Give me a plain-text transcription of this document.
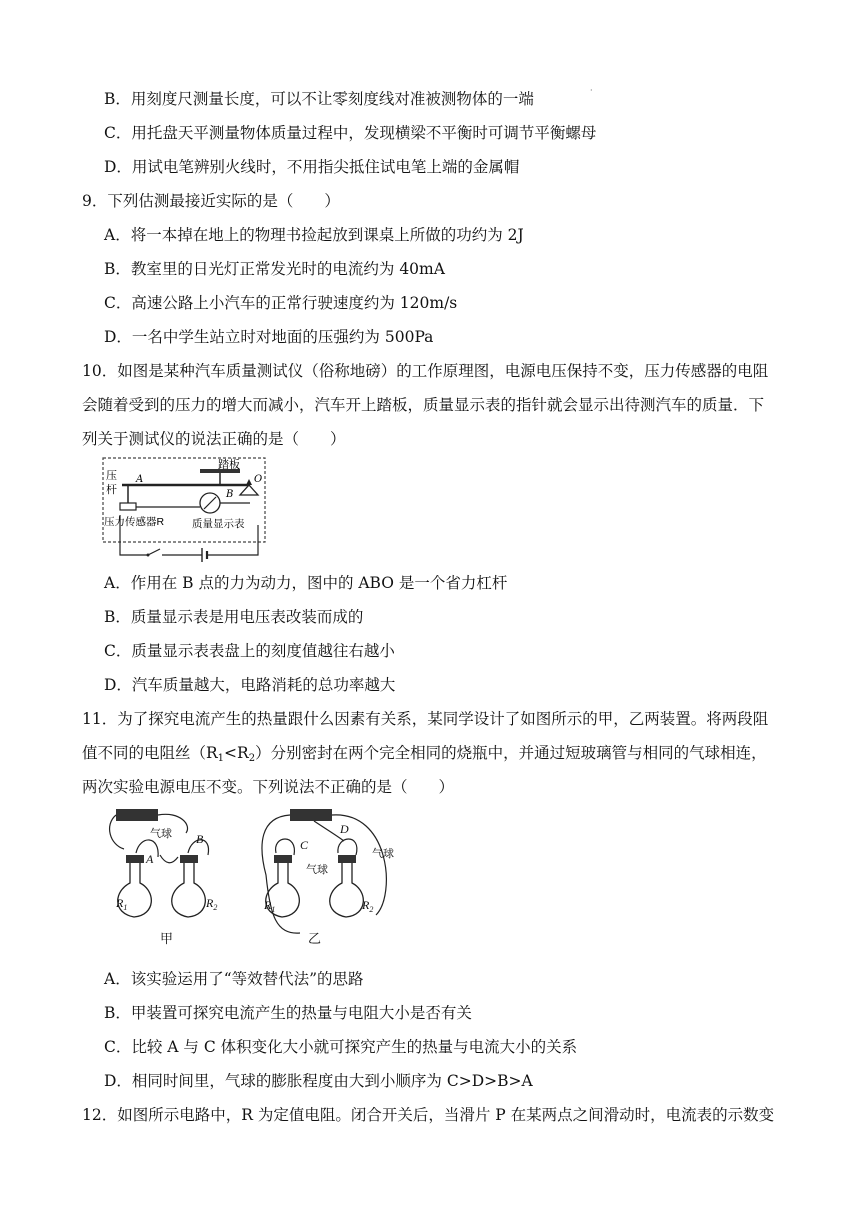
·
B．用刻度尺测量长度，可以不让零刻度线对准被测物体的一端
C．用托盘天平测量物体质量过程中，发现横梁不平衡时可调节平衡螺母
D．用试电笔辨别火线时，不用指尖抵住试电笔上端的金属帽
9．下列估测最接近实际的是（　　）
A．将一本掉在地上的物理书捡起放到课桌上所做的功约为 2J
B．教室里的日光灯正常发光时的电流约为 40mA
C．高速公路上小汽车的正常行驶速度约为 120m/s
D．一名中学生站立时对地面的压强约为 500Pa
10．如图是某种汽车质量测试仪（俗称地磅）的工作原理图，电源电压保持不变，压力传感器的电阻
会随着受到的压力的增大而减小，汽车开上踏板，质量显示表的指针就会显示出待测汽车的质量．下
列关于测试仪的说法正确的是（　　）
踏板
O
B
A
压
杆
压力传感器R	质量显示表
A．作用在 B 点的力为动力，图中的 ABO 是一个省力杠杆
B．质量显示表是用电压表改装而成的
C．质量显示表表盘上的刻度值越往右越小
D．汽车质量越大，电路消耗的总功率越大
11．为了探究电流产生的热量跟什么因素有关系，某同学设计了如图所示的甲，乙两装置。将两段阻
值不同的电阻丝$(R_1<R_2)$分别密封在两个完全相同的烧瓶中，并通过短玻璃管与相同的气球相连，
两次实验电源电压不变。下列说法不正确的是（　　）
气球
A
B
$R_1$	$R_2$
甲
C
气球
D
气球
$R_1$	$R_2$
乙
A．该实验运用了“等效替代法”的思路
B．甲装置可探究电流产生的热量与电阻大小是否有关
C．比较 A 与 C 体积变化大小就可探究产生的热量与电流大小的关系
D．相同时间里，气球的膨胀程度由大到小顺序为 C>D>B>A
12．如图所示电路中，R 为定值电阻。闭合开关后，当滑片 P 在某两点之间滑动时，电流表的示数变
